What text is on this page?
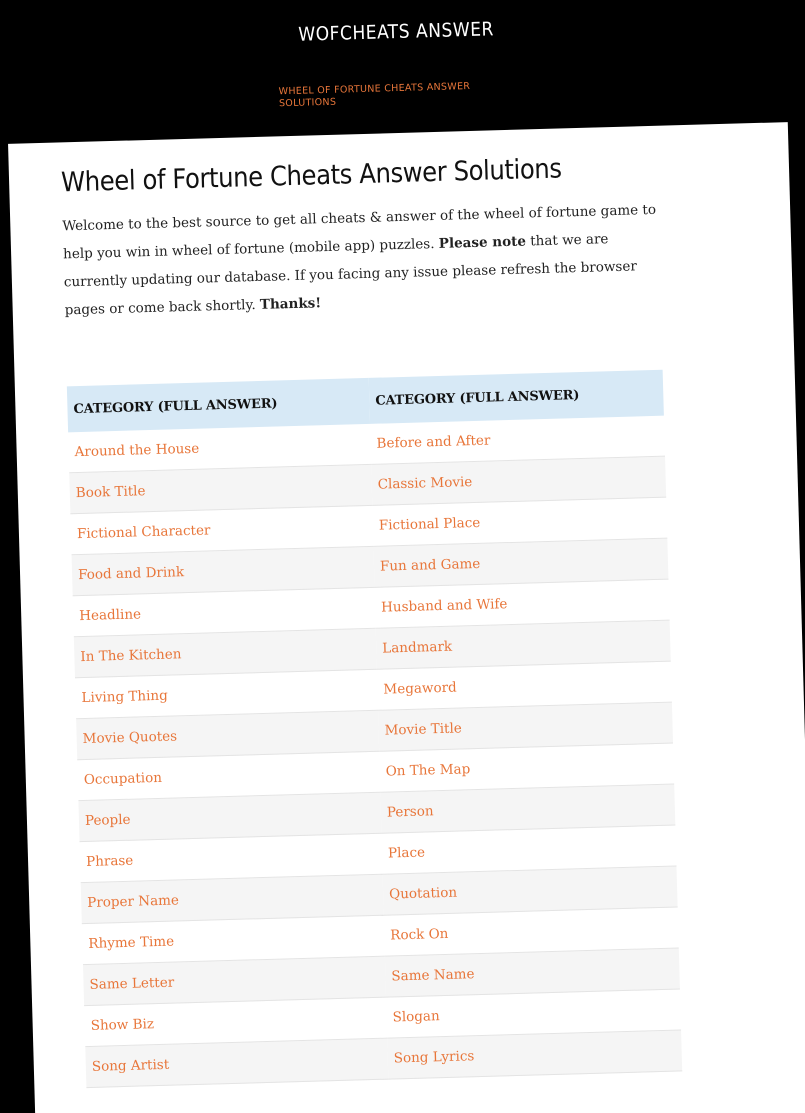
WOFCHEATS ANSWER
WHEEL OF FORTUNE CHEATS ANSWER
SOLUTIONS
Wheel of Fortune Cheats Answer Solutions

Welcome to the best source to get all cheats & answer of the wheel of fortune game to help you win in wheel of fortune (mobile app) puzzles. Please note that we are currently updating our database. If you facing any issue please refresh the browser pages or come back shortly. Thanks!

CATEGORY (FULL ANSWER)	CATEGORY (FULL ANSWER)
Around the House	Before and After
Book Title	Classic Movie
Fictional Character	Fictional Place
Food and Drink	Fun and Game
Headline	Husband and Wife
In The Kitchen	Landmark
Living Thing	Megaword
Movie Quotes	Movie Title
Occupation	On The Map
People	Person
Phrase	Place
Proper Name	Quotation
Rhyme Time	Rock On
Same Letter	Same Name
Show Biz	Slogan
Song Artist	Song Lyrics
